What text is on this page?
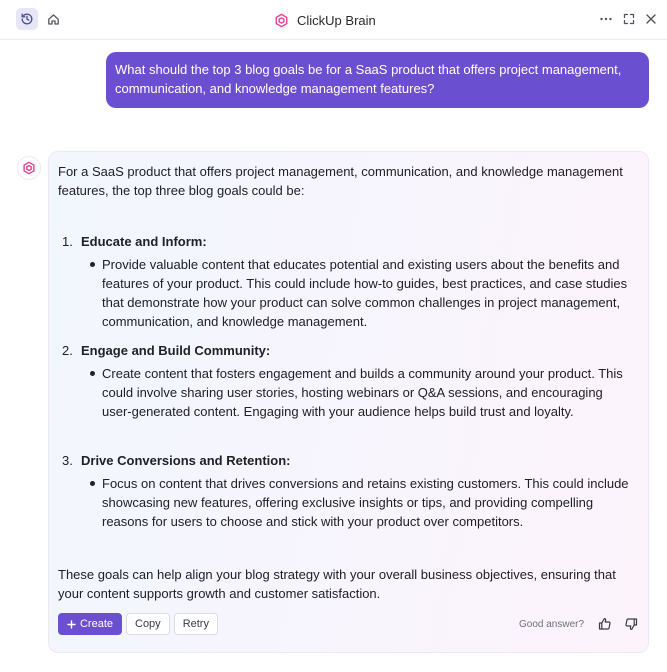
ClickUp Brain
What should the top 3 blog goals be for a SaaS product that offers project management, communication, and knowledge management features?

For a SaaS product that offers project management, communication, and knowledge management features, the top three blog goals could be:

1. Educate and Inform:
Provide valuable content that educates potential and existing users about the benefits and features of your product. This could include how-to guides, best practices, and case studies that demonstrate how your product can solve common challenges in project management, communication, and knowledge management.
2. Engage and Build Community:
Create content that fosters engagement and builds a community around your product. This could involve sharing user stories, hosting webinars or Q&A sessions, and encouraging user-generated content. Engaging with your audience helps build trust and loyalty.
3. Drive Conversions and Retention:
Focus on content that drives conversions and retains existing customers. This could include showcasing new features, offering exclusive insights or tips, and providing compelling reasons for users to choose and stick with your product over competitors.

These goals can help align your blog strategy with your overall business objectives, ensuring that your content supports growth and customer satisfaction.

Create	Copy	Retry	Good answer?
